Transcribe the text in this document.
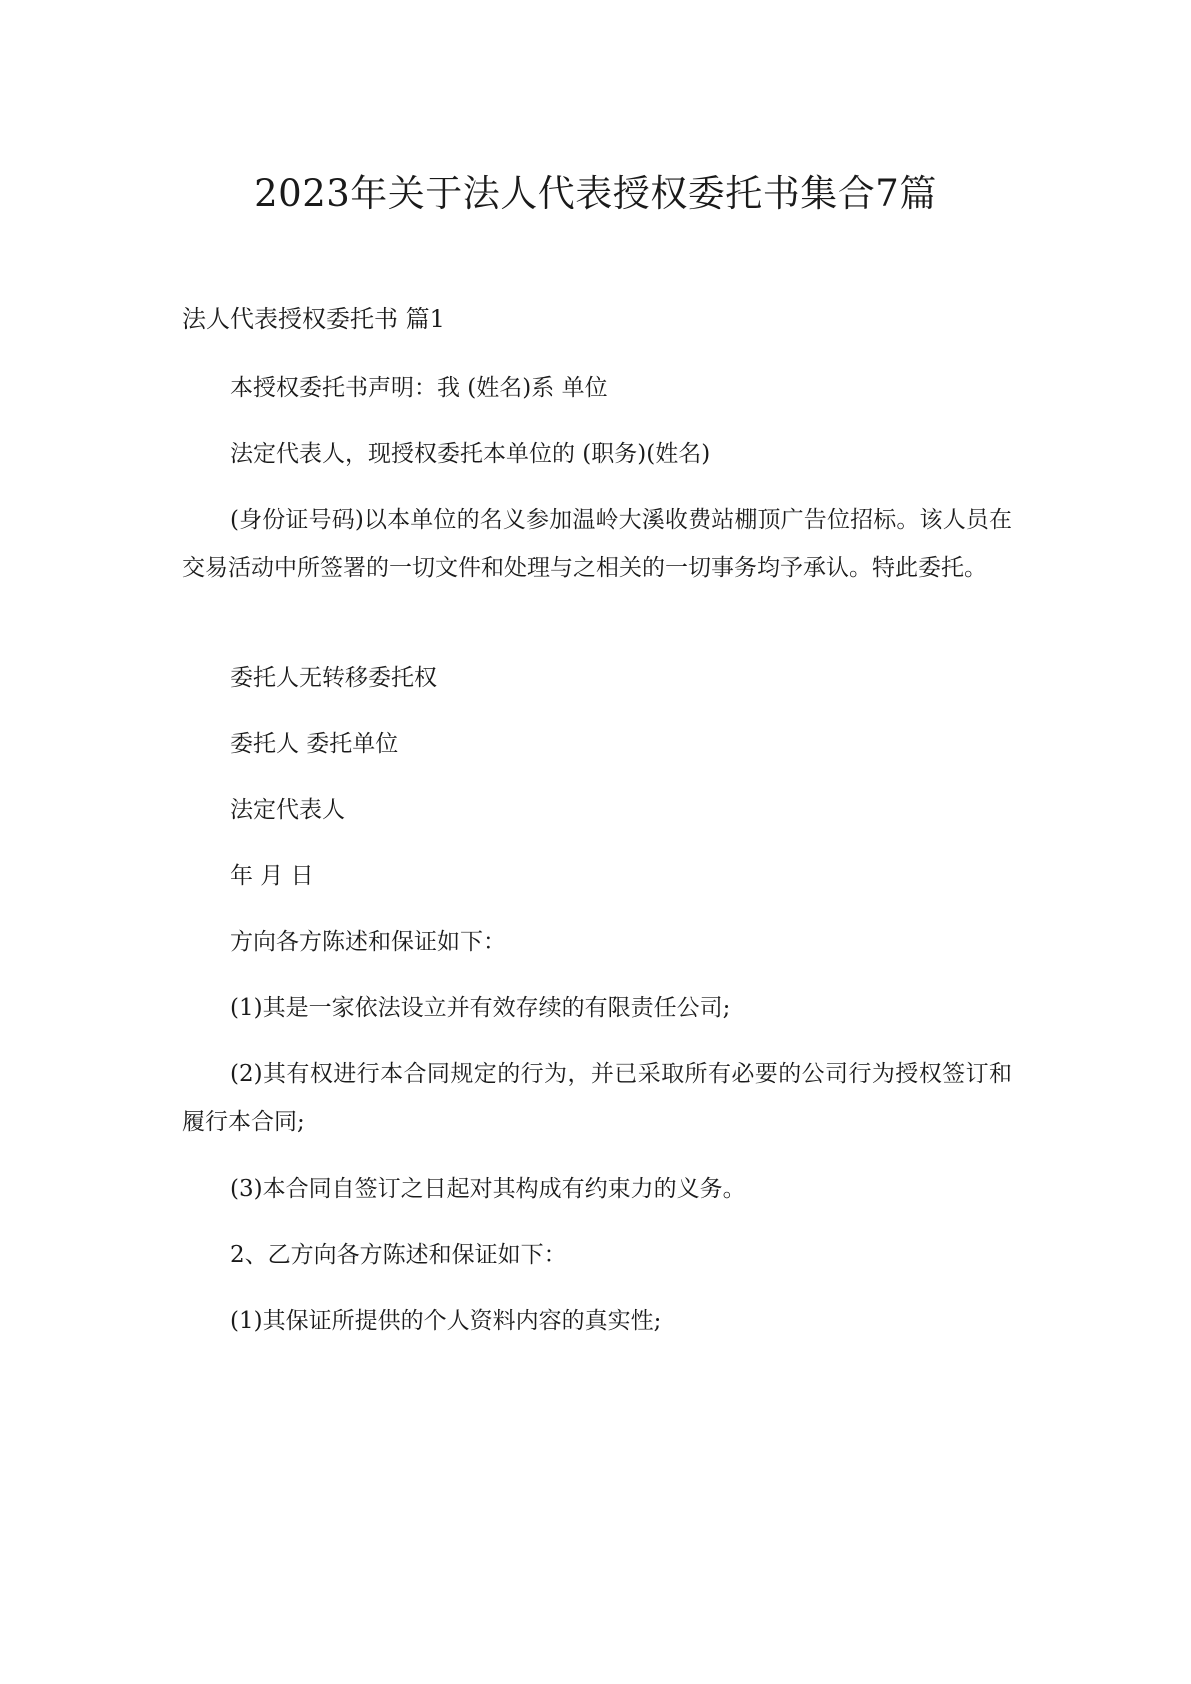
2023年关于法人代表授权委托书集合7篇
法人代表授权委托书 篇1

本授权委托书声明：我 (姓名)系 单位

法定代表人，现授权委托本单位的 (职务)(姓名)

(身份证号码)以本单位的名义参加温岭大溪收费站棚顶广告位招标。该人员在交易活动中所签署的一切文件和处理与之相关的一切事务均予承认。特此委托。

委托人无转移委托权

委托人 委托单位

法定代表人

年 月 日

方向各方陈述和保证如下：

(1)其是一家依法设立并有效存续的有限责任公司;

(2)其有权进行本合同规定的行为，并已采取所有必要的公司行为授权签订和履行本合同;

(3)本合同自签订之日起对其构成有约束力的义务。

2、乙方向各方陈述和保证如下：

(1)其保证所提供的个人资料内容的真实性;
